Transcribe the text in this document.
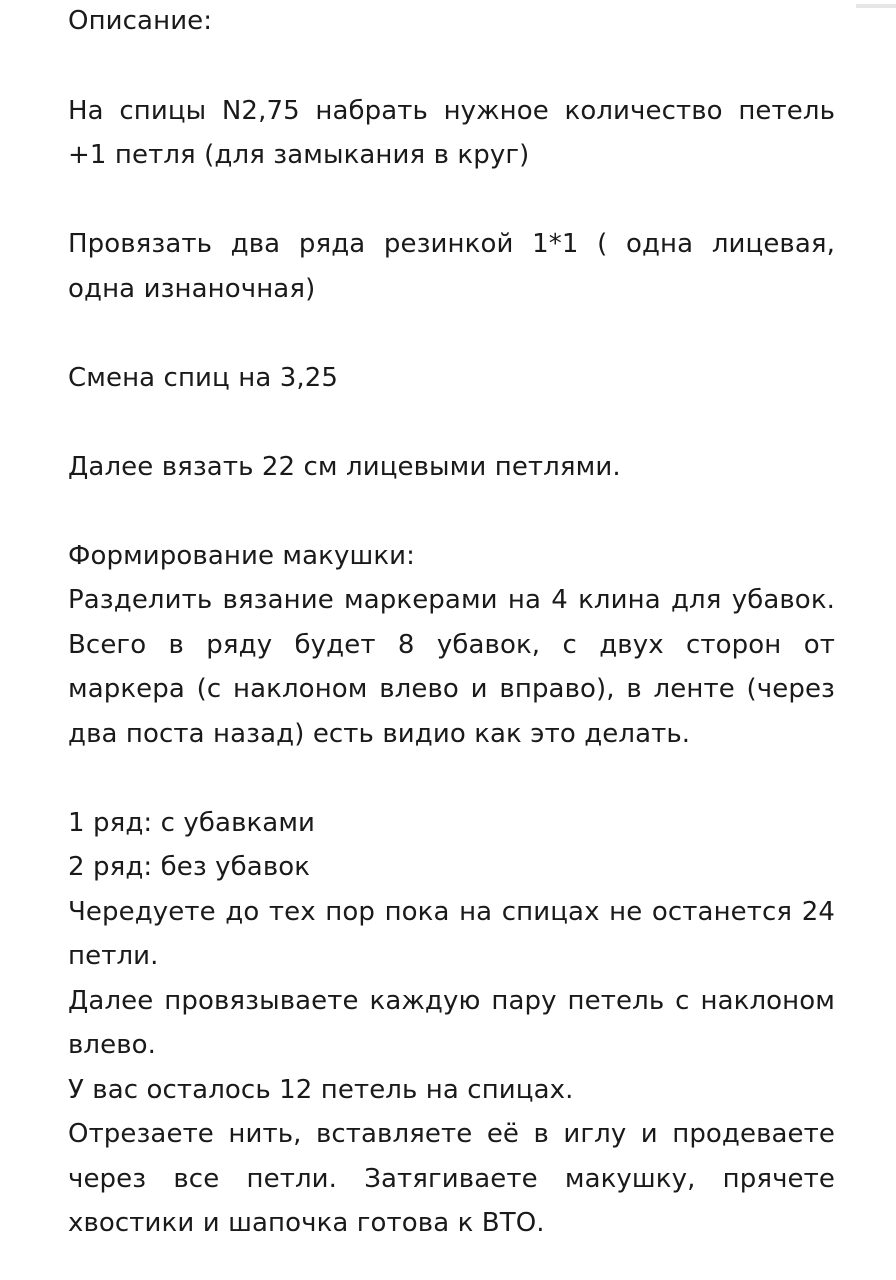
Описание:
На спицы N2,75 набрать нужное количество петель
+1 петля (для замыкания в круг)
Провязать два ряда резинкой 1*1 ( одна лицевая,
одна изнаночная)
Смена спиц на 3,25
Далее вязать 22 см лицевыми петлями.
Формирование макушки:
Разделить вязание маркерами на 4 клина для убавок.
Всего в ряду будет 8 убавок, с двух сторон от
маркера (с наклоном влево и вправо), в ленте (через
два поста назад) есть видио как это делать.
1 ряд: с убавками
2 ряд: без убавок
Чередуете до тех пор пока на спицах не останется 24
петли.
Далее провязываете каждую пару петель с наклоном
влево.
У вас осталось 12 петель на спицах.
Отрезаете нить, вставляете её в иглу и продеваете
через все петли. Затягиваете макушку, прячете
хвостики и шапочка готова к ВТО.
